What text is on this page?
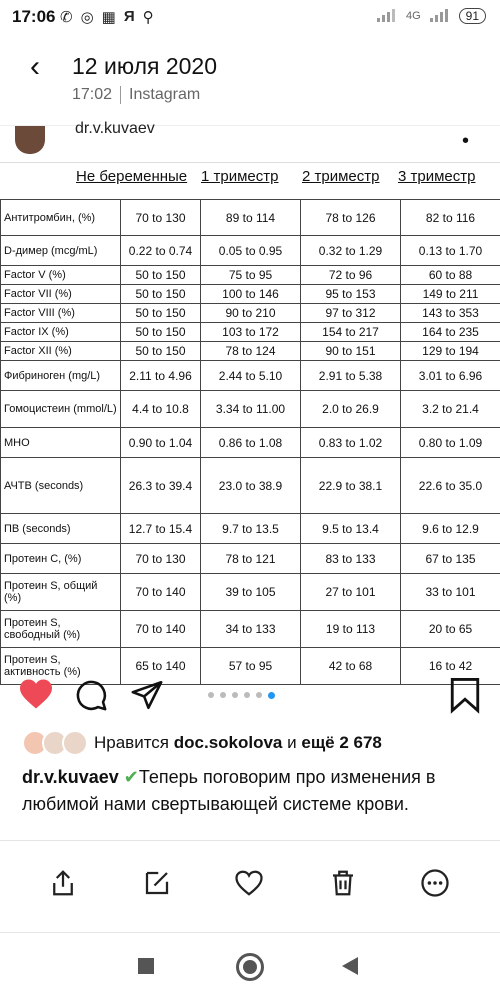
17:06 ✆ ◎ ▦ Я ⚲	4G	91
‹ 12 июля 2020
17:02 Instagram
dr.v.kuvaev
•
Не беременные 1 триместр 2 триместр 3 триместр
Антитромбин, (%)	70 to 130	89 to 114	78 to 126	82 to 116
D-димер (mcg/mL)	0.22 to 0.74	0.05 to 0.95	0.32 to 1.29	0.13 to 1.70
Factor V (%)	50 to 150	75 to 95	72 to 96	60 to 88
Factor VII (%)	50 to 150	100 to 146	95 to 153	149 to 211
Factor VIII (%)	50 to 150	90 to 210	97 to 312	143 to 353
Factor IX (%)	50 to 150	103 to 172	154 to 217	164 to 235
Factor XII (%)	50 to 150	78 to 124	90 to 151	129 to 194
Фибриноген (mg/L)	2.11 to 4.96	2.44 to 5.10	2.91 to 5.38	3.01 to 6.96
Гомоцистеин (mmol/L)	4.4 to 10.8	3.34 to 11.00	2.0 to 26.9	3.2 to 21.4
МНО	0.90 to 1.04	0.86 to 1.08	0.83 to 1.02	0.80 to 1.09
АЧТВ (seconds)	26.3 to 39.4	23.0 to 38.9	22.9 to 38.1	22.6 to 35.0
ПВ (seconds)	12.7 to 15.4	9.7 to 13.5	9.5 to 13.4	9.6 to 12.9
Протеин С, (%)	70 to 130	78 to 121	83 to 133	67 to 135
Протеин S, общий (%)	70 to 140	39 to 105	27 to 101	33 to 101
Протеин S, свободный (%)	70 to 140	34 to 133	19 to 113	20 to 65
Протеин S, активность (%)	65 to 140	57 to 95	42 to 68	16 to 42
Нравится
doc.sokolova
и
ещё 2 678
dr.v.kuvaev ✔Теперь поговорим про изменения в любимой нами свертывающей системе крови.
